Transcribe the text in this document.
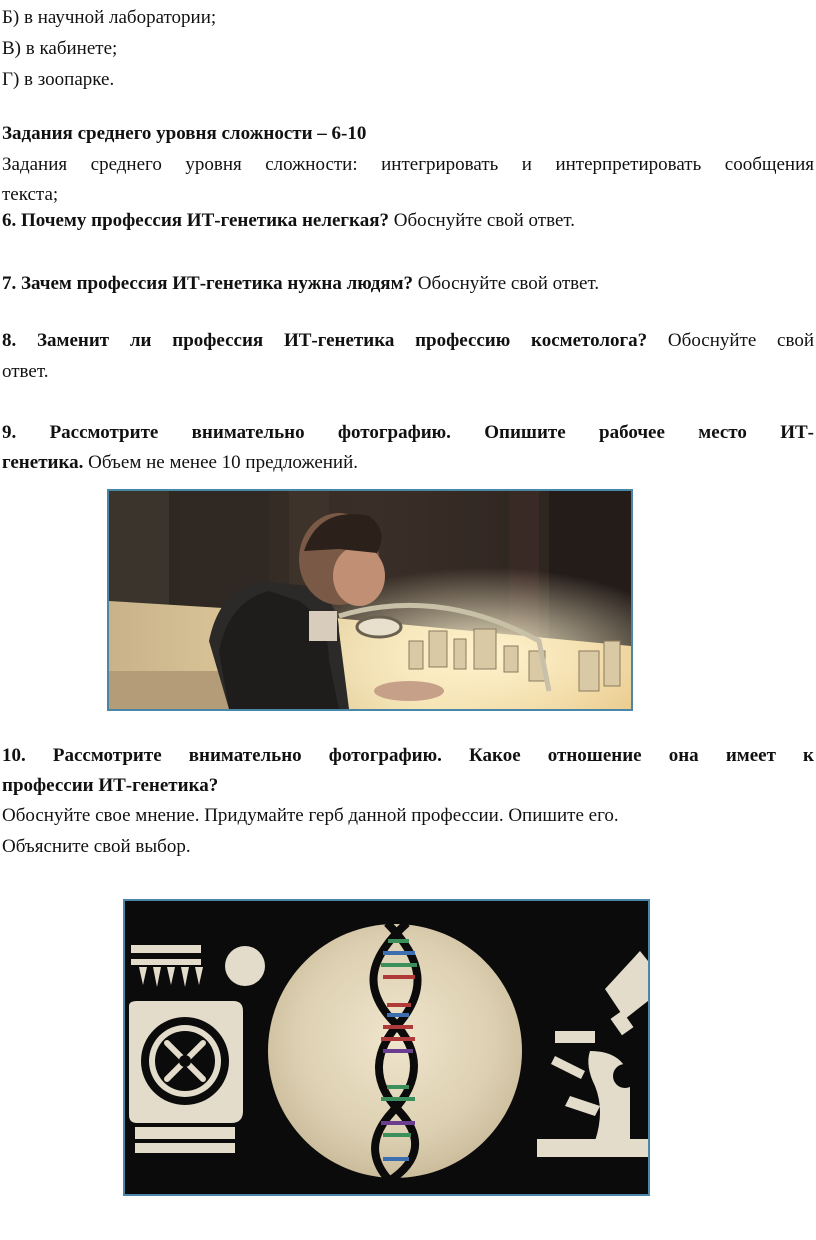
Б) в научной лаборатории;
В) в кабинете;
Г) в зоопарке.
Задания среднего уровня сложности – 6-10
Задания среднего уровня сложности: интегрировать и интерпретировать сообщения
текста;
6. Почему профессия ИТ-генетика нелегкая? Обоснуйте свой ответ.
7. Зачем профессия ИТ-генетика нужна людям? Обоснуйте свой ответ.
8. Заменит ли профессия ИТ-генетика профессию косметолога? Обоснуйте свой
ответ.
9. Рассмотрите внимательно фотографию. Опишите рабочее место ИТ-
генетика. Объем не менее 10 предложений.
10. Рассмотрите внимательно фотографию. Какое отношение она имеет к
профессии ИТ-генетика?
Обоснуйте свое мнение. Придумайте герб данной профессии. Опишите его.
Объясните свой выбор.
